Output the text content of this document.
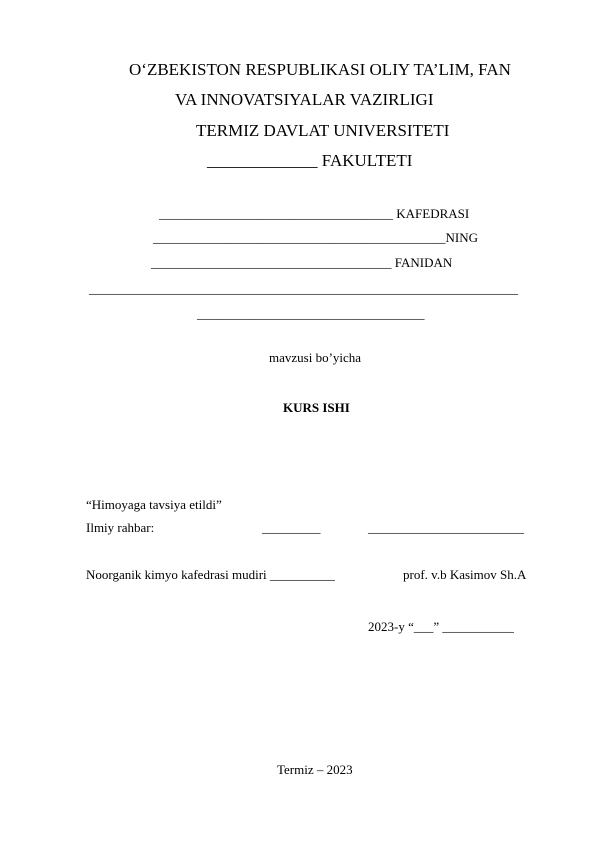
O‘ZBEKISTON RESPUBLIKASI OLIY TA’LIM, FAN
VA INNOVATSIYALAR VAZIRLIGI
TERMIZ DAVLAT UNIVERSITETI
_____________ FAKULTETI
____________________________________ KAFEDRASI
_____________________________________________NING
_____________________________________ FANIDAN
__________________________________________________________________
___________________________________
mavzusi bo’yicha
KURS ISHI
“Himoyaga tavsiya etildi”
Ilmiy rahbar:	_________	________________________
Noorganik kimyo kafedrasi mudiri __________	prof. v.b Kasimov Sh.A
2023-y “___” ___________
Termiz – 2023
